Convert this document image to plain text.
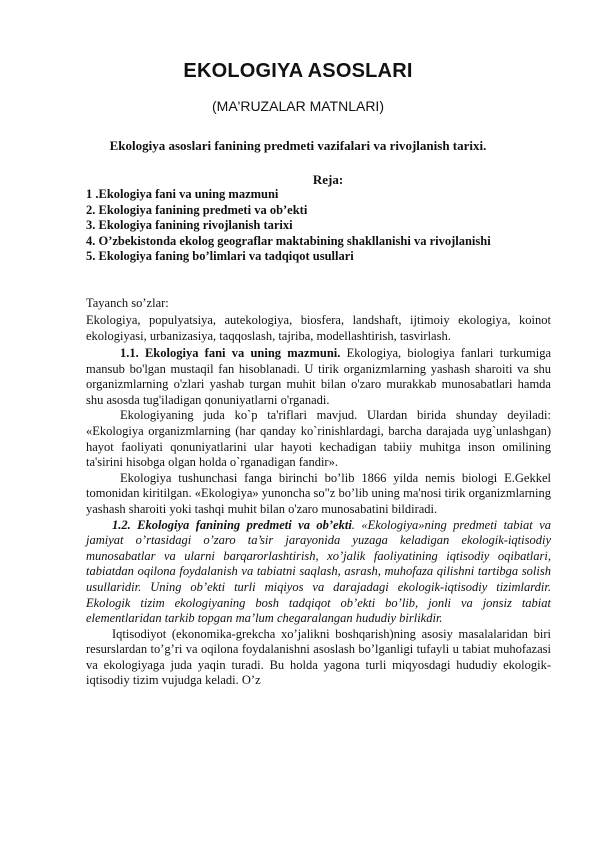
EKOLOGIYA ASOSLARI
(MA'RUZALAR MATNLARI)
Ekologiya asoslari fanining predmeti vazifalari va rivojlanish tarixi.
Reja:
1 .Ekologiya fani va uning mazmuni
2. Ekologiya fanining predmeti va ob’ekti
3. Ekologiya fanining rivojlanish tarixi
4. O’zbekistonda ekolog geograflar maktabining shakllanishi va rivojlanishi
5. Ekologiya faning bo’limlari va tadqiqot usullari
Tayanch so’zlar:
Ekologiya, populyatsiya, autekologiya, biosfera, landshaft, ijtimoiy ekologiya, koinot ekologiyasi, urbanizasiya, taqqoslash, tajriba, modellashtirish, tasvirlash.

1.1. Ekologiya fani va uning mazmuni. Ekologiya, biologiya fanlari turkumiga mansub bo'lgan mustaqil fan hisoblanadi. U tirik organizmlarning yashash sharoiti va shu organizmlarning o'zlari yashab turgan muhit bilan o'zaro murakkab munosabatlari hamda shu asosda tug'iladigan qonuniyatlarni o'rganadi.

Ekologiyaning juda ko`p ta'riflari mavjud. Ulardan birida shunday deyiladi: «Ekologiya organizmlarning (har qanday ko`rinishlardagi, barcha darajada uyg`unlashgan) hayot faoliyati qonuniyatlarini ular hayoti kechadigan tabiiy muhitga inson omilining ta'sirini hisobga olgan holda o`rganadigan fandir».

Ekologiya tushunchasi fanga birinchi bo’lib 1866 yilda nemis biologi E.Gekkel tomonidan kiritilgan. «Ekologiya» yunoncha so"z bo’lib uning ma'nosi tirik organizmlarning yashash sharoiti yoki tashqi muhit bilan o'zaro munosabatini bildiradi.

1.2. Ekologiya fanining predmeti va ob’ekti. «Ekologiya»ning predmeti tabiat va jamiyat o’rtasidagi o’zaro ta’sir jarayonida yuzaga keladigan ekologik-iqtisodiy munosabatlar va ularni barqarorlashtirish, xo’jalik faoliyatining iqtisodiy oqibatlari, tabiatdan oqilona foydalanish va tabiatni saqlash, asrash, muhofaza qilishni tartibga solish usullaridir. Uning ob’ekti turli miqiyos va darajadagi ekologik-iqtisodiy tizimlardir. Ekologik tizim ekologiyaning bosh tadqiqot ob’ekti bo’lib, jonli va jonsiz tabiat elementlaridan tarkib topgan ma’lum chegaralangan hududiy birlikdir.

Iqtisodiyot (ekonomika-grekcha xo’jalikni boshqarish)ning asosiy masalalaridan biri resurslardan to’g’ri va oqilona foydalanishni asoslash bo’lganligi tufayli u tabiat muhofazasi va ekologiyaga juda yaqin turadi. Bu holda yagona turli miqyosdagi hududiy ekologik-iqtisodiy tizim vujudga keladi. O’z
